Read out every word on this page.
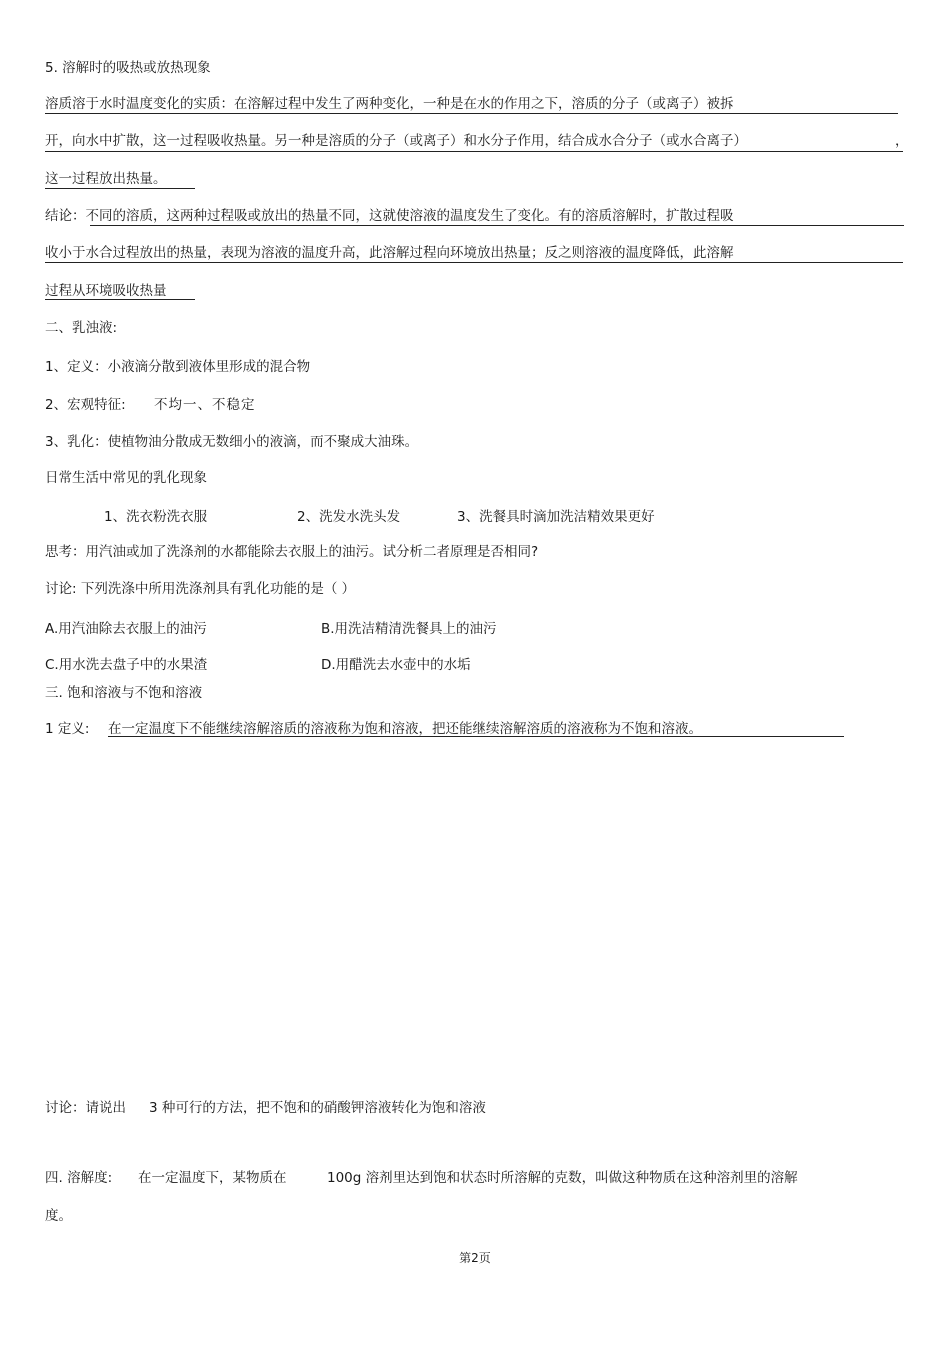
5. 溶解时的吸热或放热现象
溶质溶于水时温度变化的实质：在溶解过程中发生了两种变化，一种是在水的作用之下，溶质的分子（或离子）被拆
开，向水中扩散，这一过程吸收热量。另一种是溶质的分子（或离子）和水分子作用，结合成水合分子（或水合离子）	，
这一过程放出热量。
结论：不同的溶质，这两种过程吸或放出的热量不同，这就使溶液的温度发生了变化。有的溶质溶解时，扩散过程吸
收小于水合过程放出的热量，表现为溶液的温度升高，此溶解过程向环境放出热量；反之则溶液的温度降低，此溶解
过程从环境吸收热量
二、乳浊液:
1、定义：小液滴分散到液体里形成的混合物
2、宏观特征: 不均一、不稳定
3、乳化：使植物油分散成无数细小的液滴，而不聚成大油珠。
日常生活中常见的乳化现象
1、洗衣粉洗衣服	2、洗发水洗头发	3、洗餐具时滴加洗洁精效果更好
思考：用汽油或加了洗涤剂的水都能除去衣服上的油污。试分析二者原理是否相同?
讨论: 下列洗涤中所用洗涤剂具有乳化功能的是（ ）
A.用汽油除去衣服上的油污	B.用洗洁精清洗餐具上的油污
C.用水洗去盘子中的水果渣	D.用醋洗去水壶中的水垢
三. 饱和溶液与不饱和溶液
1 定义: 在一定温度下不能继续溶解溶质的溶液称为饱和溶液，把还能继续溶解溶质的溶液称为不饱和溶液。
讨论：请说出 3 种可行的方法，把不饱和的硝酸钾溶液转化为饱和溶液
四. 溶解度: 在一定温度下，某物质在	100g 溶剂里达到饱和状态时所溶解的克数，叫做这种物质在这种溶剂里的溶解
度。
第2页
